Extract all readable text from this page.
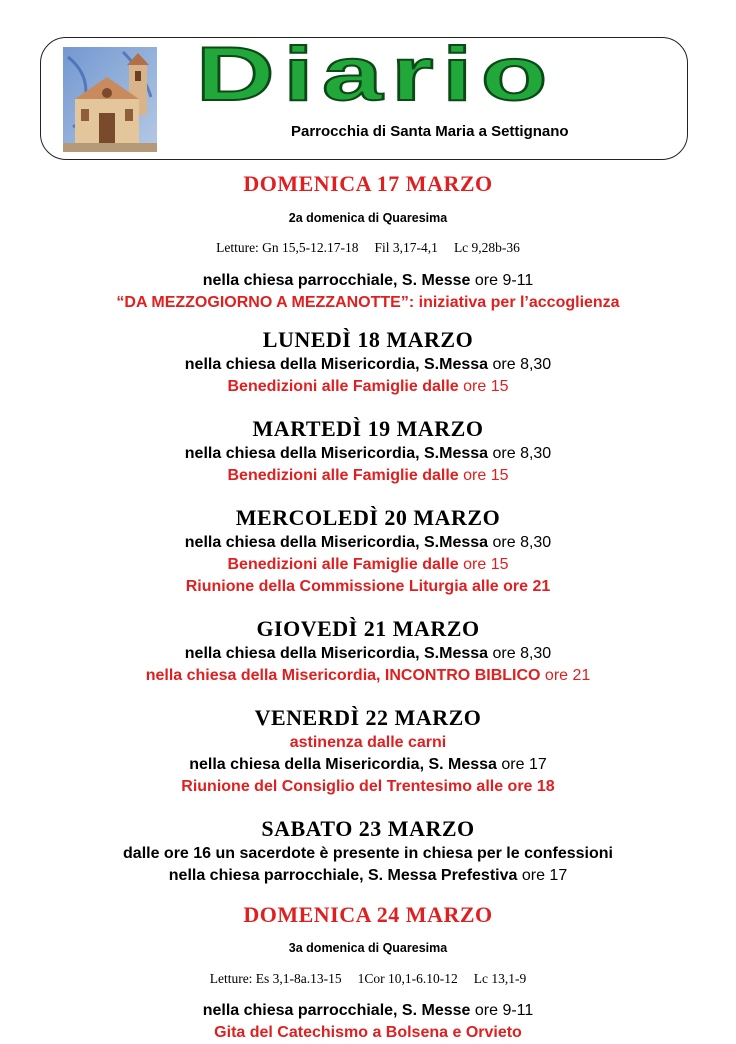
Diario
Parrocchia di Santa Maria a Settignano

DOMENICA 17 MARZO

2a domenica di Quaresima

Letture: Gn 15,5-12.17-18 Fil 3,17-4,1 Lc 9,28b-36

nella chiesa parrocchiale, S. Messe ore 9-11

“DA MEZZOGIORNO A MEZZANOTTE”: iniziativa per l’accoglienza

LUNEDÌ 18 MARZO

nella chiesa della Misericordia, S.Messa ore 8,30

Benedizioni alle Famiglie dalle ore 15

MARTEDÌ 19 MARZO

nella chiesa della Misericordia, S.Messa ore 8,30

Benedizioni alle Famiglie dalle ore 15

MERCOLEDÌ 20 MARZO

nella chiesa della Misericordia, S.Messa ore 8,30

Benedizioni alle Famiglie dalle ore 15

Riunione della Commissione Liturgia alle ore 21

GIOVEDÌ 21 MARZO

nella chiesa della Misericordia, S.Messa ore 8,30

nella chiesa della Misericordia, INCONTRO BIBLICO ore 21

VENERDÌ 22 MARZO

astinenza dalle carni

nella chiesa della Misericordia, S. Messa ore 17

Riunione del Consiglio del Trentesimo alle ore 18

SABATO 23 MARZO

dalle ore 16 un sacerdote è presente in chiesa per le confessioni

nella chiesa parrocchiale, S. Messa Prefestiva ore 17

DOMENICA 24 MARZO

3a domenica di Quaresima

Letture: Es 3,1-8a.13-15 1Cor 10,1-6.10-12 Lc 13,1-9

nella chiesa parrocchiale, S. Messe ore 9-11

Gita del Catechismo a Bolsena e Orvieto
